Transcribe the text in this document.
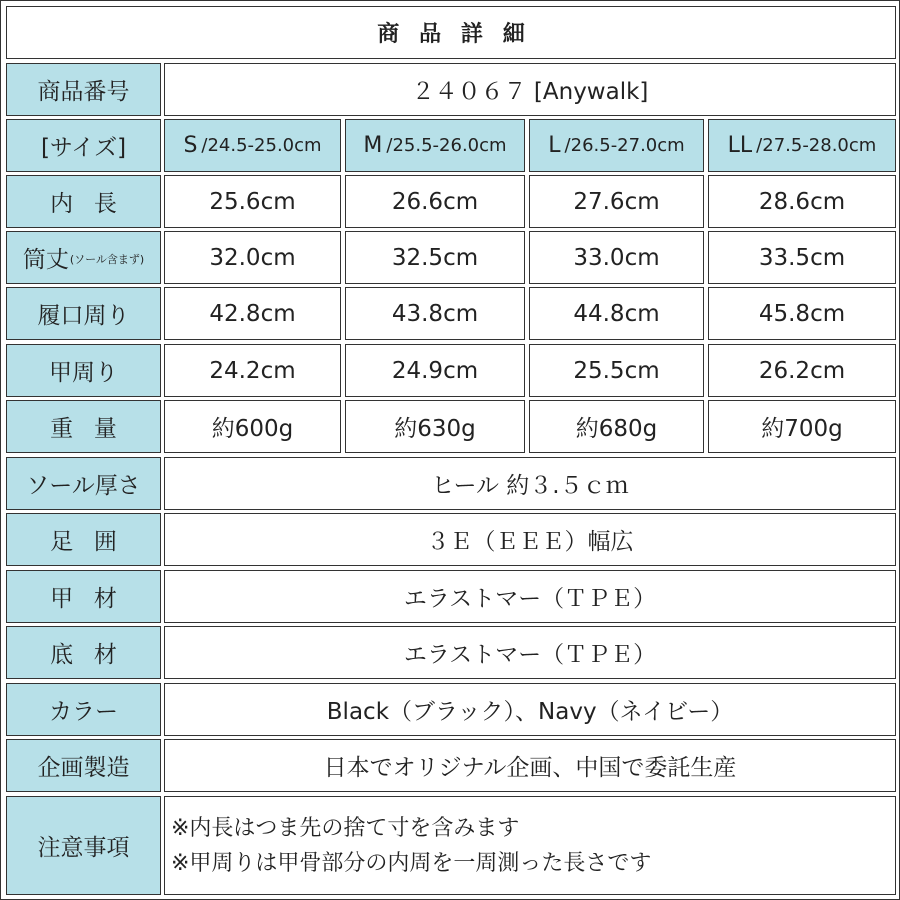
商品詳細
商品番号	２４０６７ [Anywalk]
[サイズ]	S /24.5-25.0cm M /25.5-26.0cm L /26.5-27.0cm LL /27.5-28.0cm
内長	25.6cm	26.6cm	27.6cm	28.6cm
筒丈 (ソール含まず)	32.0cm	32.5cm	33.0cm	33.5cm
履口周り	42.8cm	43.8cm	44.8cm	45.8cm
甲周り	24.2cm	24.9cm	25.5cm	26.2cm
重量	約600g	約630g	約680g	約700g
ソール厚さ	ヒール 約３.５ｃｍ
足囲	３Ｅ（ＥＥＥ）幅広
甲材	エラストマー（ＴＰＥ）
底材	エラストマー（ＴＰＥ）
カラー	Black（ブラック）、Navy（ネイビー）
企画製造	日本でオリジナル企画、中国で委託生産
注意事項
※内長はつま先の捨て寸を含みます
※甲周りは甲骨部分の内周を一周測った長さです
